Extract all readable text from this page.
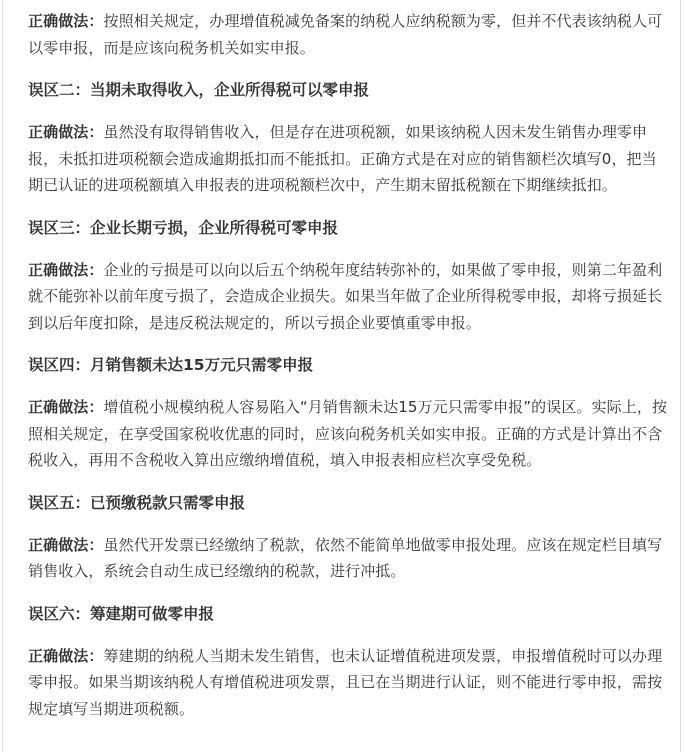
正确做法：按照相关规定，办理增值税减免备案的纳税人应纳税额为零，但并不代表该纳税人可以零申报，而是应该向税务机关如实申报。

误区二：当期未取得收入，企业所得税可以零申报

正确做法：虽然没有取得销售收入，但是存在进项税额，如果该纳税人因未发生销售办理零申报，未抵扣进项税额会造成逾期抵扣而不能抵扣。正确方式是在对应的销售额栏次填写0，把当期已认证的进项税额填入申报表的进项税额栏次中，产生期末留抵税额在下期继续抵扣。

误区三：企业长期亏损，企业所得税可零申报

正确做法：企业的亏损是可以向以后五个纳税年度结转弥补的，如果做了零申报，则第二年盈利就不能弥补以前年度亏损了，会造成企业损失。如果当年做了企业所得税零申报，却将亏损延长到以后年度扣除，是违反税法规定的，所以亏损企业要慎重零申报。

误区四：月销售额未达15万元只需零申报

正确做法：增值税小规模纳税人容易陷入“月销售额未达15万元只需零申报”的误区。实际上，按照相关规定，在享受国家税收优惠的同时，应该向税务机关如实申报。正确的方式是计算出不含税收入，再用不含税收入算出应缴纳增值税，填入申报表相应栏次享受免税。

误区五：已预缴税款只需零申报

正确做法：虽然代开发票已经缴纳了税款，依然不能简单地做零申报处理。应该在规定栏目填写销售收入，系统会自动生成已经缴纳的税款，进行冲抵。

误区六：筹建期可做零申报

正确做法：筹建期的纳税人当期未发生销售，也未认证增值税进项发票，申报增值税时可以办理零申报。如果当期该纳税人有增值税进项发票，且已在当期进行认证，则不能进行零申报，需按规定填写当期进项税额。
